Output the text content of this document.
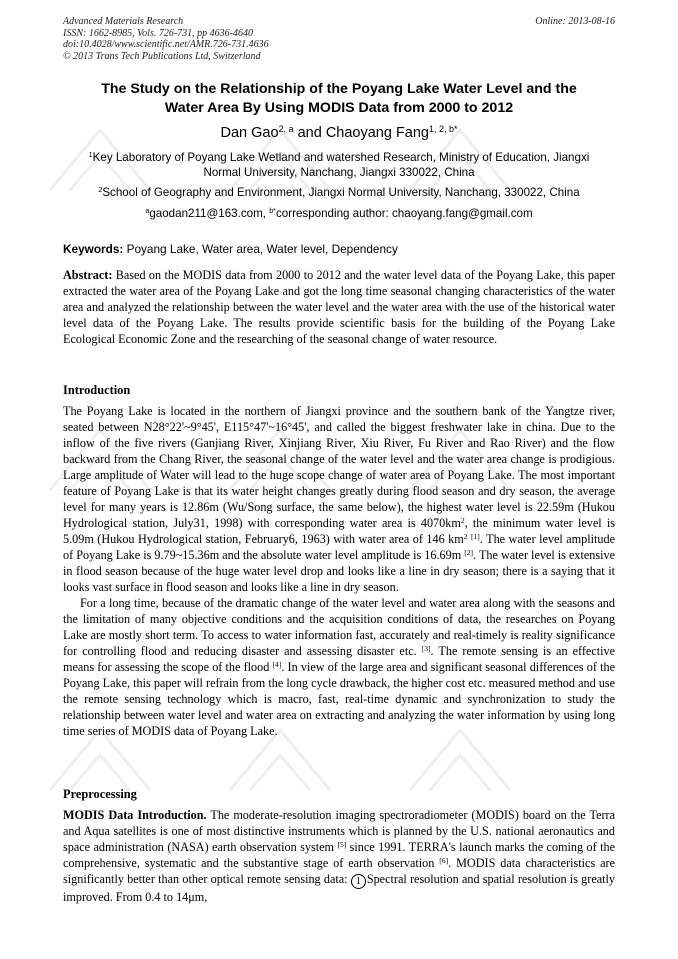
Advanced Materials Research
ISSN: 1662-8985, Vols. 726-731, pp 4636-4640
doi:10.4028/www.scientific.net/AMR.726-731.4636
© 2013 Trans Tech Publications Ltd, Switzerland
Online: 2013-08-16
The Study on the Relationship of the Poyang Lake Water Level and the
Water Area By Using MODIS Data from 2000 to 2012
Dan Gao$^{2, a}$ and Chaoyang Fang$^{1, 2, b*}$
$^1$Key Laboratory of Poyang Lake Wetland and watershed Research, Ministry of Education, Jiangxi
Normal University, Nanchang, Jiangxi 330022, China
$^2$School of Geography and Environment, Jiangxi Normal University, Nanchang, 330022, China
$^a$gaodan211@163.com, $^{b*}$corresponding author: chaoyang.fang@gmail.com
Keywords: Poyang Lake, Water area, Water level, Dependency
Abstract: Based on the MODIS data from 2000 to 2012 and the water level data of the Poyang Lake, this paper extracted the water area of the Poyang Lake and got the long time seasonal changing characteristics of the water area and analyzed the relationship between the water level and the water area with the use of the historical water level data of the Poyang Lake. The results provide scientific basis for the building of the Poyang Lake Ecological Economic Zone and the researching of the seasonal change of water resource.
Introduction
The Poyang Lake is located in the northern of Jiangxi province and the southern bank of the Yangtze river, seated between N28°22'~9°45', E115°47'~16°45', and called the biggest freshwater lake in china. Due to the inflow of the five rivers (Ganjiang River, Xinjiang River, Xiu River, Fu River and Rao River) and the flow backward from the Chang River, the seasonal change of the water level and the water area change is prodigious. Large amplitude of Water will lead to the huge scope change of water area of Poyang Lake. The most important feature of Poyang Lake is that its water height changes greatly during flood season and dry season, the average level for many years is 12.86m (Wu/Song surface, the same below), the highest water level is 22.59m (Hukou Hydrological station, July31, 1998) with corresponding water area is $4070km^2$, the minimum water level is 5.09m (Hukou Hydrological station, February6, 1963) with water area of 146 $km^2$ [1]. The water level amplitude of Poyang Lake is 9.79~15.36m and the absolute water level amplitude is 16.69m [2]. The water level is extensive in flood season because of the huge water level drop and looks like a line in dry season; there is a saying that it looks vast surface in flood season and looks like a line in dry season.
For a long time, because of the dramatic change of the water level and water area along with the seasons and the limitation of many objective conditions and the acquisition conditions of data, the researches on Poyang Lake are mostly short term. To access to water information fast, accurately and real-timely is reality significance for controlling flood and reducing disaster and assessing disaster etc. [3]. The remote sensing is an effective means for assessing the scope of the flood [4]. In view of the large area and significant seasonal differences of the Poyang Lake, this paper will refrain from the long cycle drawback, the higher cost etc. measured method and use the remote sensing technology which is macro, fast, real-time dynamic and synchronization to study the relationship between water level and water area on extracting and analyzing the water information by using long time series of MODIS data of Poyang Lake.
Preprocessing
MODIS Data Introduction. The moderate-resolution imaging spectroradiometer (MODIS) board on the Terra and Aqua satellites is one of most distinctive instruments which is planned by the U.S. national aeronautics and space administration (NASA) earth observation system [5] since 1991. TERRA's launch marks the coming of the comprehensive, systematic and the substantive stage of earth observation [6]. MODIS data characteristics are significantly better than other optical remote sensing data: 1 Spectral resolution and spatial resolution is greatly improved. From 0.4 to 14μm,
